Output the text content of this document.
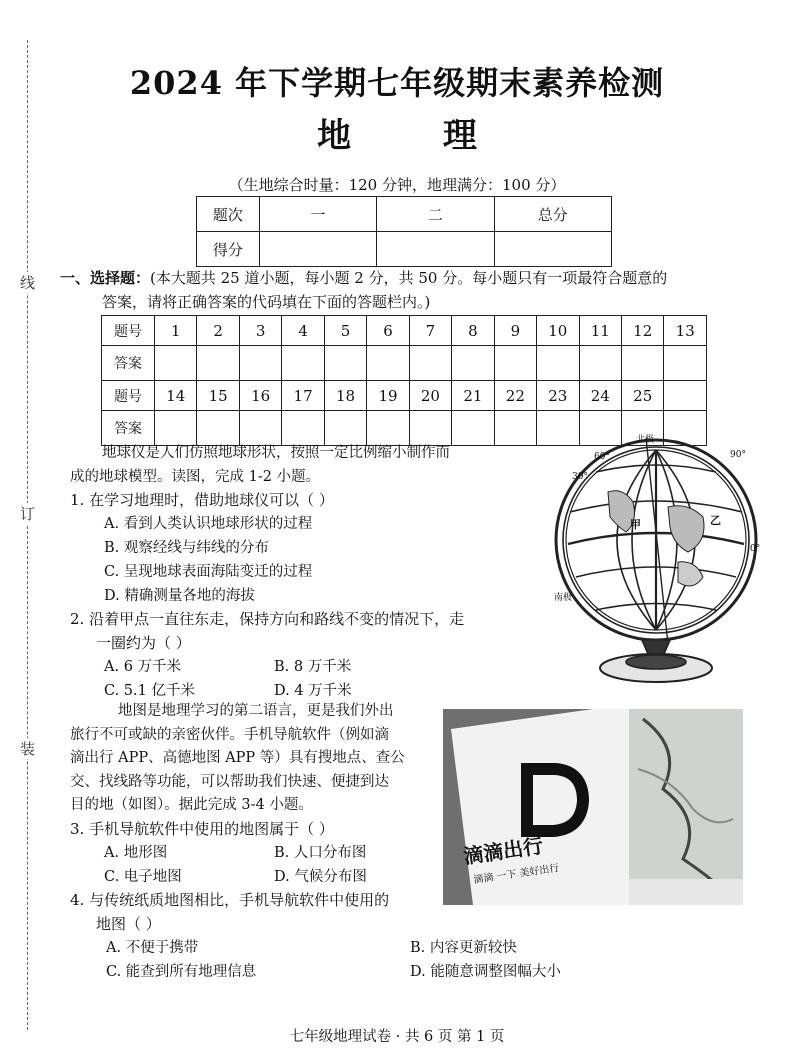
线
订
装
2024 年下学期七年级期末素养检测
地 理
（生地综合时量：120 分钟，地理满分：100 分）
题次	一	二	总分
得分			
一、选择题：(本大题共 25 道小题，每小题 2 分，共 50 分。每小题只有一项最符合题意的
答案，请将正确答案的代码填在下面的答题栏内。)
题号	1	2	3	4	5	6	7	8	9	10	11	12	13
答案													
题号	14	15	16	17	18	19	20	21	22	23	24	25	
答案													
地球仪是人们仿照地球形状，按照一定比例缩小制作而
成的地球模型。读图，完成 1-2 小题。
1. 在学习地理时，借助地球仪可以（ ）
A. 看到人类认识地球形状的过程
B. 观察经线与纬线的分布
C. 呈现地球表面海陆变迁的过程
D. 精确测量各地的海拔
2. 沿着甲点一直往东走，保持方向和路线不变的情况下，走
一圈约为（ ）
A. 6 万千米	B. 8 万千米
C. 5.1 亿千米	D. 4 万千米
北极
30°
60°	90°
0°
甲	乙
南极
地图是地理学习的第二语言，更是我们外出
旅行不可或缺的亲密伙伴。手机导航软件（例如滴
滴出行 APP、高德地图 APP 等）具有搜地点、查公
交、找线路等功能，可以帮助我们快速、便捷到达
目的地（如图）。据此完成 3-4 小题。
滴滴出行
滴滴 一下 美好出行
3. 手机导航软件中使用的地图属于（ ）
A. 地形图	B. 人口分布图
C. 电子地图	D. 气候分布图
4. 与传统纸质地图相比，手机导航软件中使用的
地图（ ）
A. 不便于携带	B. 内容更新较快
C. 能查到所有地理信息	D. 能随意调整图幅大小
七年级地理试卷 · 共 6 页 第 1 页
